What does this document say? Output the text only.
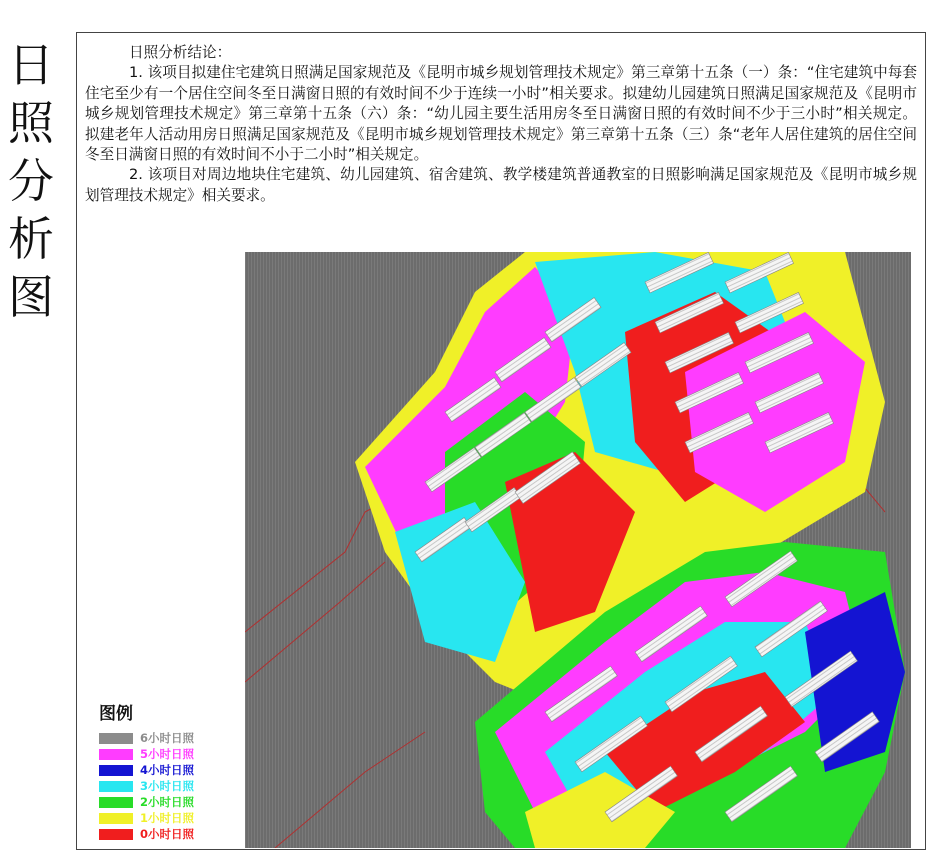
日
照
分
析
图

日照分析结论：

1. 该项目拟建住宅建筑日照满足国家规范及《昆明市城乡规划管理技术规定》第三章第十五条（一）条：“住宅建筑中每套住宅至少有一个居住空间冬至日满窗日照的有效时间不少于连续一小时”相关要求。拟建幼儿园建筑日照满足国家规范及《昆明市城乡规划管理技术规定》第三章第十五条（六）条：“幼儿园主要生活用房冬至日满窗日照的有效时间不少于三小时”相关规定。拟建老年人活动用房日照满足国家规范及《昆明市城乡规划管理技术规定》第三章第十五条（三）条“老年人居住建筑的居住空间冬至日满窗日照的有效时间不小于二小时”相关规定。

2. 该项目对周边地块住宅建筑、幼儿园建筑、宿舍建筑、教学楼建筑普通教室的日照影响满足国家规范及《昆明市城乡规划管理技术规定》相关要求。

图例
6小时日照
5小时日照
4小时日照
3小时日照
2小时日照
1小时日照
0小时日照
